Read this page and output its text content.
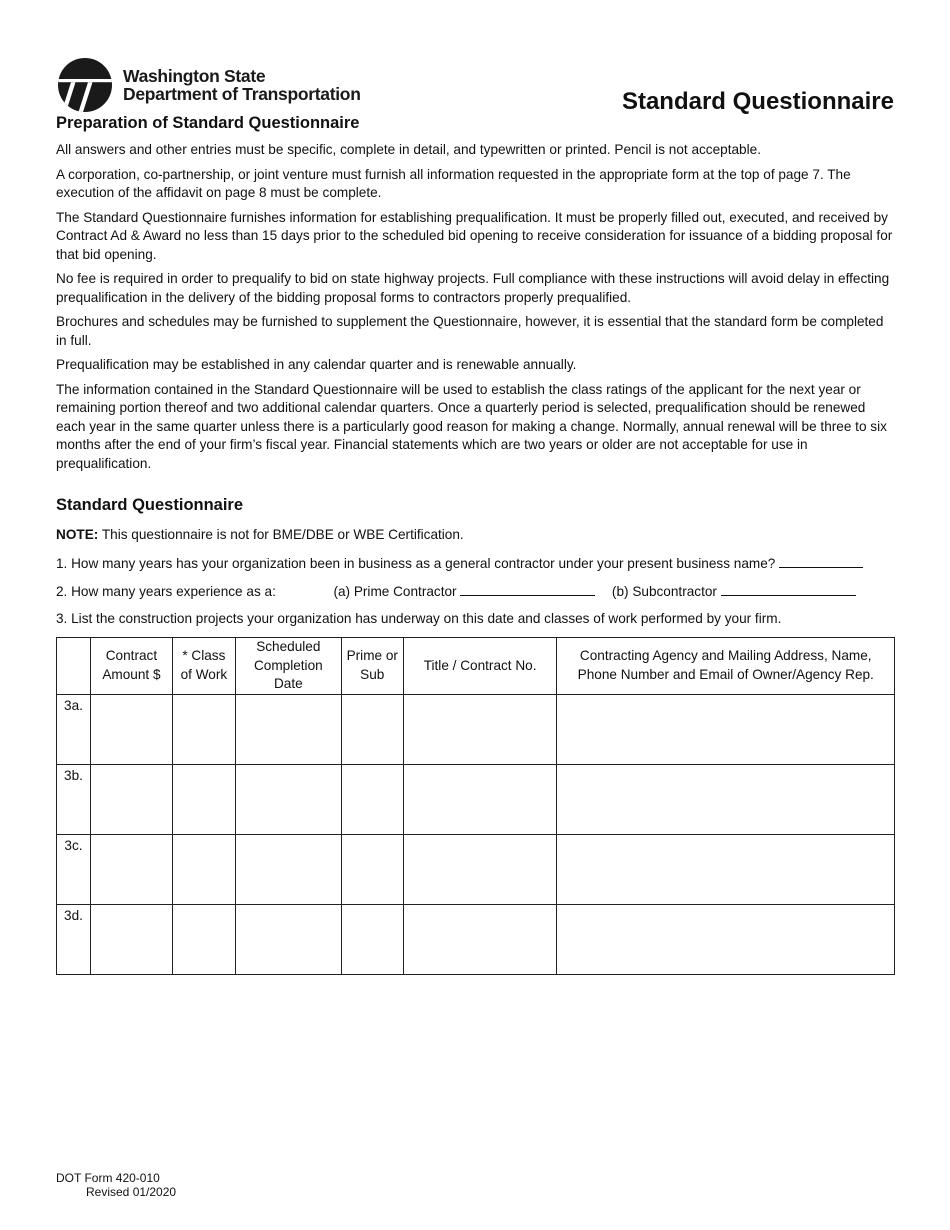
Washington State
Department of Transportation	Standard Questionnaire
Preparation of Standard Questionnaire

All answers and other entries must be specific, complete in detail, and typewritten or printed. Pencil is not acceptable.

A corporation, co-partnership, or joint venture must furnish all information requested in the appropriate form at the top of page 7. The execution of the affidavit on page 8 must be complete.

The Standard Questionnaire furnishes information for establishing prequalification. It must be properly filled out, executed, and received by Contract Ad & Award no less than 15 days prior to the scheduled bid opening to receive consideration for issuance of a bidding proposal for that bid opening.

No fee is required in order to prequalify to bid on state highway projects. Full compliance with these instructions will avoid delay in effecting prequalification in the delivery of the bidding proposal forms to contractors properly prequalified.

Brochures and schedules may be furnished to supplement the Questionnaire, however, it is essential that the standard form be completed in full.

Prequalification may be established in any calendar quarter and is renewable annually.

The information contained in the Standard Questionnaire will be used to establish the class ratings of the applicant for the next year or remaining portion thereof and two additional calendar quarters. Once a quarterly period is selected, prequalification should be renewed each year in the same quarter unless there is a particularly good reason for making a change. Normally, annual renewal will be three to six months after the end of your firm’s fiscal year. Financial statements which are two years or older are not acceptable for use in prequalification.

Standard Questionnaire
NOTE: This questionnaire is not for BME/DBE or WBE Certification.
1. How many years has your organization been in business as a general contractor under your present business name?
2. How many years experience as a:	(a) Prime Contractor	(b) Subcontractor
3. List the construction projects your organization has underway on this date and classes of work performed by your firm.
	Contract Amount $	* Class of Work	Scheduled Completion Date	Prime or Sub	Title / Contract No.	Contracting Agency and Mailing Address, Name, Phone Number and Email of Owner/Agency Rep.
3a.						
3b.						
3c.						
3d.						
DOT Form 420-010
Revised 01/2020
